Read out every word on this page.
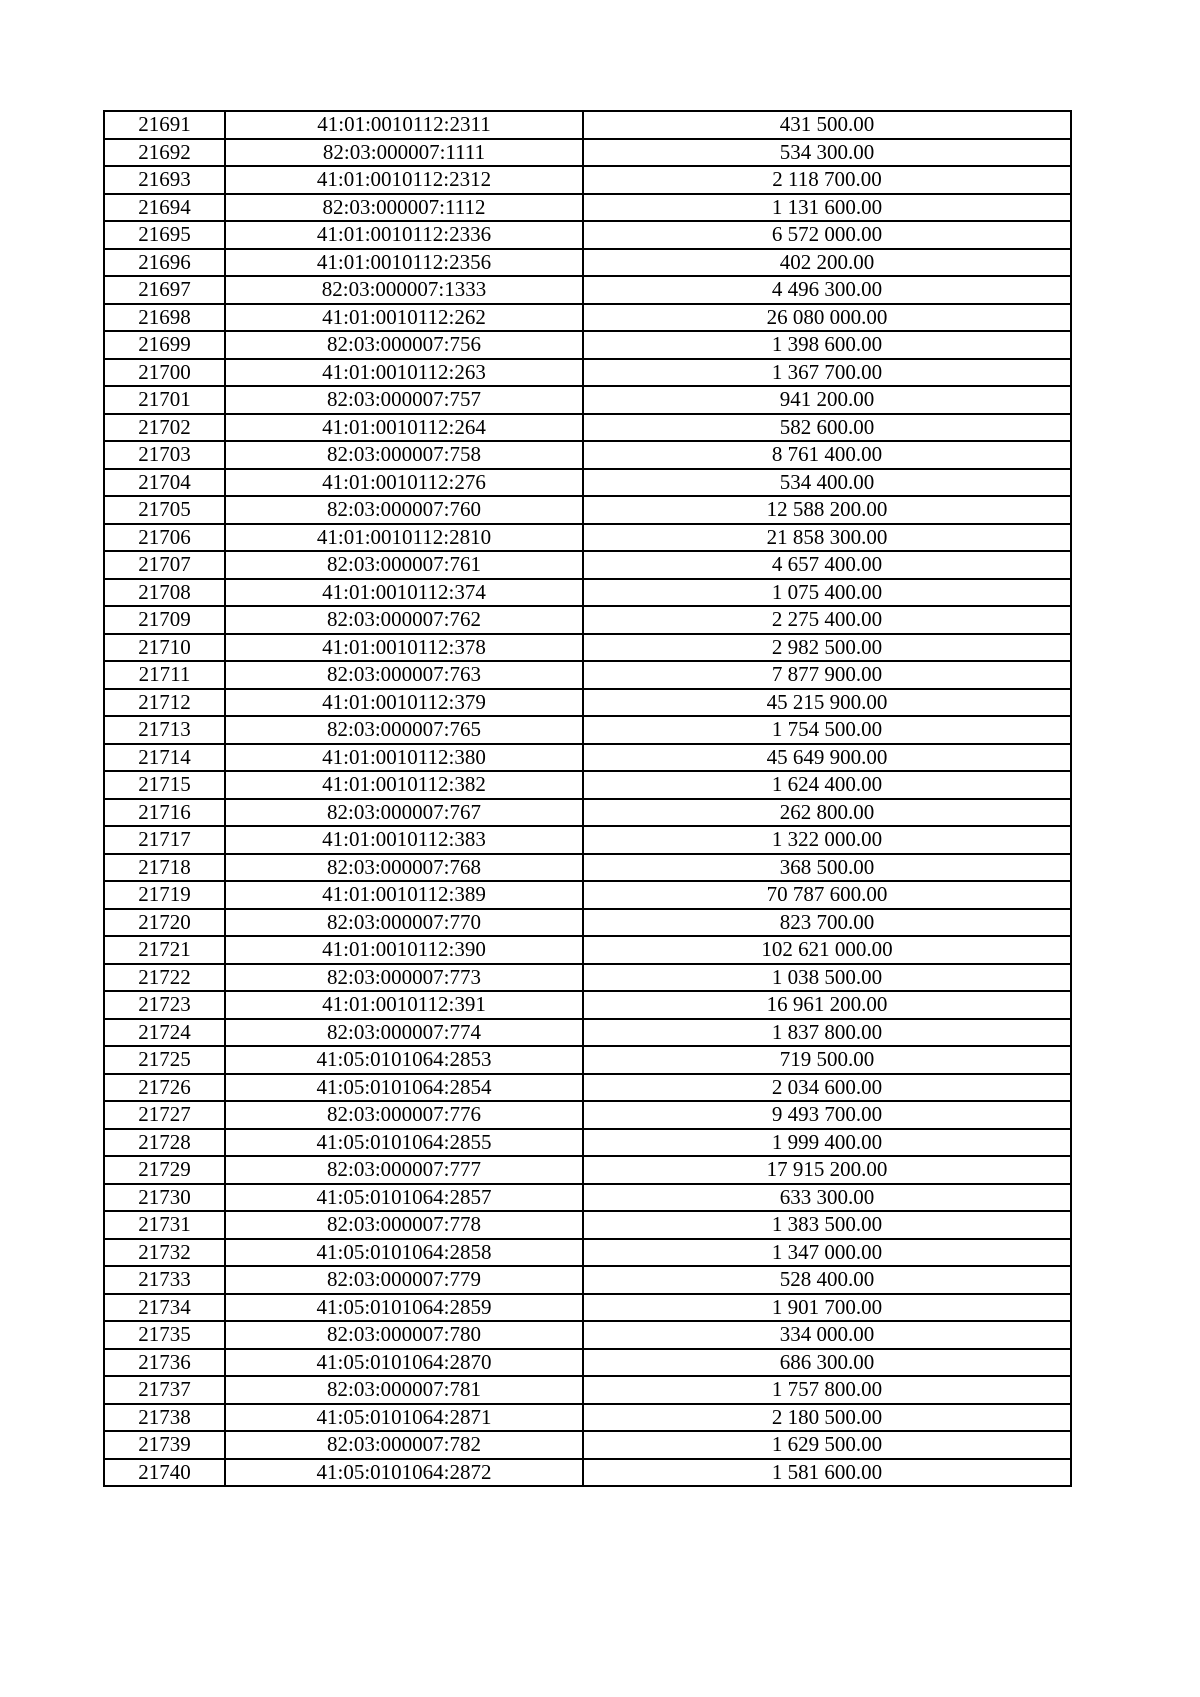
21691	41:01:0010112:2311	431 500.00
21692	82:03:000007:1111	534 300.00
21693	41:01:0010112:2312	2 118 700.00
21694	82:03:000007:1112	1 131 600.00
21695	41:01:0010112:2336	6 572 000.00
21696	41:01:0010112:2356	402 200.00
21697	82:03:000007:1333	4 496 300.00
21698	41:01:0010112:262	26 080 000.00
21699	82:03:000007:756	1 398 600.00
21700	41:01:0010112:263	1 367 700.00
21701	82:03:000007:757	941 200.00
21702	41:01:0010112:264	582 600.00
21703	82:03:000007:758	8 761 400.00
21704	41:01:0010112:276	534 400.00
21705	82:03:000007:760	12 588 200.00
21706	41:01:0010112:2810	21 858 300.00
21707	82:03:000007:761	4 657 400.00
21708	41:01:0010112:374	1 075 400.00
21709	82:03:000007:762	2 275 400.00
21710	41:01:0010112:378	2 982 500.00
21711	82:03:000007:763	7 877 900.00
21712	41:01:0010112:379	45 215 900.00
21713	82:03:000007:765	1 754 500.00
21714	41:01:0010112:380	45 649 900.00
21715	41:01:0010112:382	1 624 400.00
21716	82:03:000007:767	262 800.00
21717	41:01:0010112:383	1 322 000.00
21718	82:03:000007:768	368 500.00
21719	41:01:0010112:389	70 787 600.00
21720	82:03:000007:770	823 700.00
21721	41:01:0010112:390	102 621 000.00
21722	82:03:000007:773	1 038 500.00
21723	41:01:0010112:391	16 961 200.00
21724	82:03:000007:774	1 837 800.00
21725	41:05:0101064:2853	719 500.00
21726	41:05:0101064:2854	2 034 600.00
21727	82:03:000007:776	9 493 700.00
21728	41:05:0101064:2855	1 999 400.00
21729	82:03:000007:777	17 915 200.00
21730	41:05:0101064:2857	633 300.00
21731	82:03:000007:778	1 383 500.00
21732	41:05:0101064:2858	1 347 000.00
21733	82:03:000007:779	528 400.00
21734	41:05:0101064:2859	1 901 700.00
21735	82:03:000007:780	334 000.00
21736	41:05:0101064:2870	686 300.00
21737	82:03:000007:781	1 757 800.00
21738	41:05:0101064:2871	2 180 500.00
21739	82:03:000007:782	1 629 500.00
21740	41:05:0101064:2872	1 581 600.00
